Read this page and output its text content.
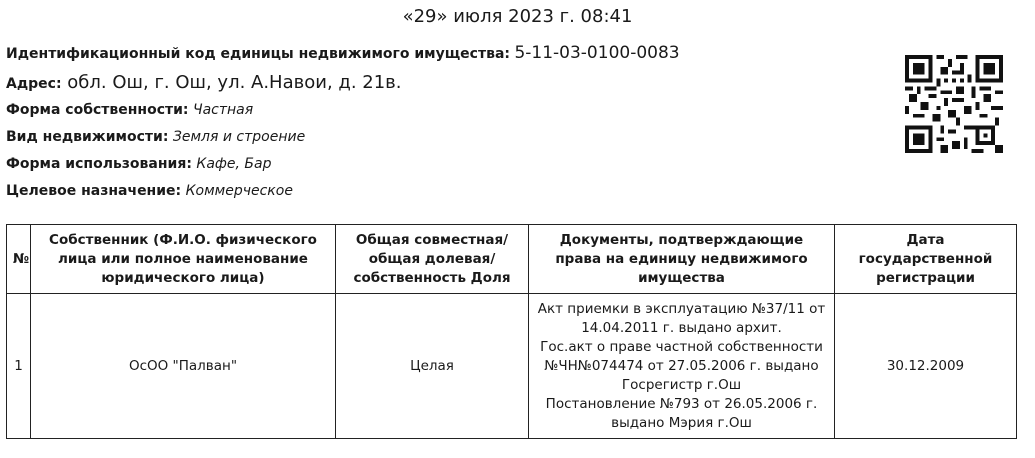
«29» июля 2023 г. 08:41
Идентификационный код единицы недвижимого имущества: 5-11-03-0100-0083
Адрес: обл. Ош, г. Ош, ул. А.Навои, д. 21в.
Форма собственности: Частная
Вид недвижимости: Земля и строение
Форма использования: Кафе, Бар
Целевое назначение: Коммерческое
№	Собственник (Ф.И.О. физического лица или полное наименование юридического лица)	Общая совместная/ общая долевая/ собственность Доля	Документы, подтверждающие права на единицу недвижимого имущества	Дата государственной регистрации
1	ОсОО "Палван"	Целая	Акт приемки в эксплуатацию №37/11 от 14.04.2011 г. выдано архит.
Гос.акт о праве частной собственности №ЧН№074474 от 27.05.2006 г. выдано Госрегистр г.Ош
Постановление №793 от 26.05.2006 г. выдано Мэрия г.Ош	30.12.2009
